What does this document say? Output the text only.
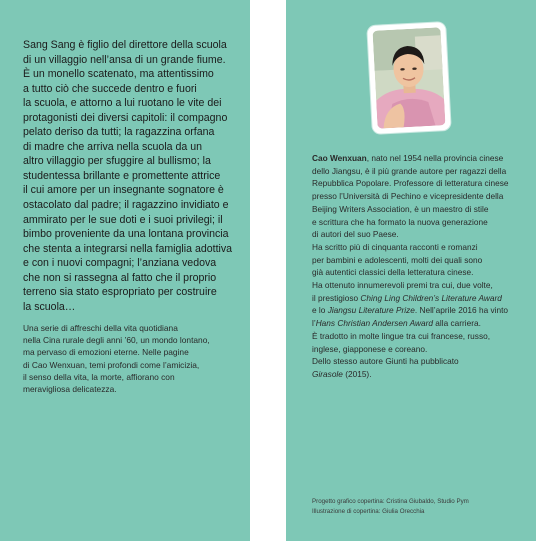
Sang Sang è figlio del direttore della scuola
di un villaggio nell’ansa di un grande fiume.
È un monello scatenato, ma attentissimo
a tutto ciò che succede dentro e fuori
la scuola, e attorno a lui ruotano le vite dei
protagonisti dei diversi capitoli: il compagno
pelato deriso da tutti; la ragazzina orfana
di madre che arriva nella scuola da un
altro villaggio per sfuggire al bullismo; la
studentessa brillante e promettente attrice
il cui amore per un insegnante sognatore è
ostacolato dal padre; il ragazzino invidiato e
ammirato per le sue doti e i suoi privilegi; il
bimbo proveniente da una lontana provincia
che stenta a integrarsi nella famiglia adottiva
e con i nuovi compagni; l’anziana vedova
che non si rassegna al fatto che il proprio
terreno sia stato espropriato per costruire
la scuola…
Una serie di affreschi della vita quotidiana
nella Cina rurale degli anni ’60, un mondo lontano,
ma pervaso di emozioni eterne. Nelle pagine
di Cao Wenxuan, temi profondi come l’amicizia,
il senso della vita, la morte, affiorano con
meravigliosa delicatezza.
Cao Wenxuan, nato nel 1954 nella provincia cinese
dello Jiangsu, è il più grande autore per ragazzi della
Repubblica Popolare. Professore di letteratura cinese
presso l’Università di Pechino e vicepresidente della
Beijing Writers Association, è un maestro di stile
e scrittura che ha formato la nuova generazione
di autori del suo Paese.
Ha scritto più di cinquanta racconti e romanzi
per bambini e adolescenti, molti dei quali sono
già autentici classici della letteratura cinese.
Ha ottenuto innumerevoli premi tra cui, due volte,
il prestigioso Ching Ling Children’s Literature Award
e lo Jiangsu Literature Prize. Nell’aprile 2016 ha vinto
l’Hans Christian Andersen Award alla carriera.
È tradotto in molte lingue tra cui francese, russo,
inglese, giapponese e coreano.
Dello stesso autore Giunti ha pubblicato
Girasole (2015).
Progetto grafico copertina: Cristina Giubaldo, Studio Pym
Illustrazione di copertina: Giulia Orecchia
